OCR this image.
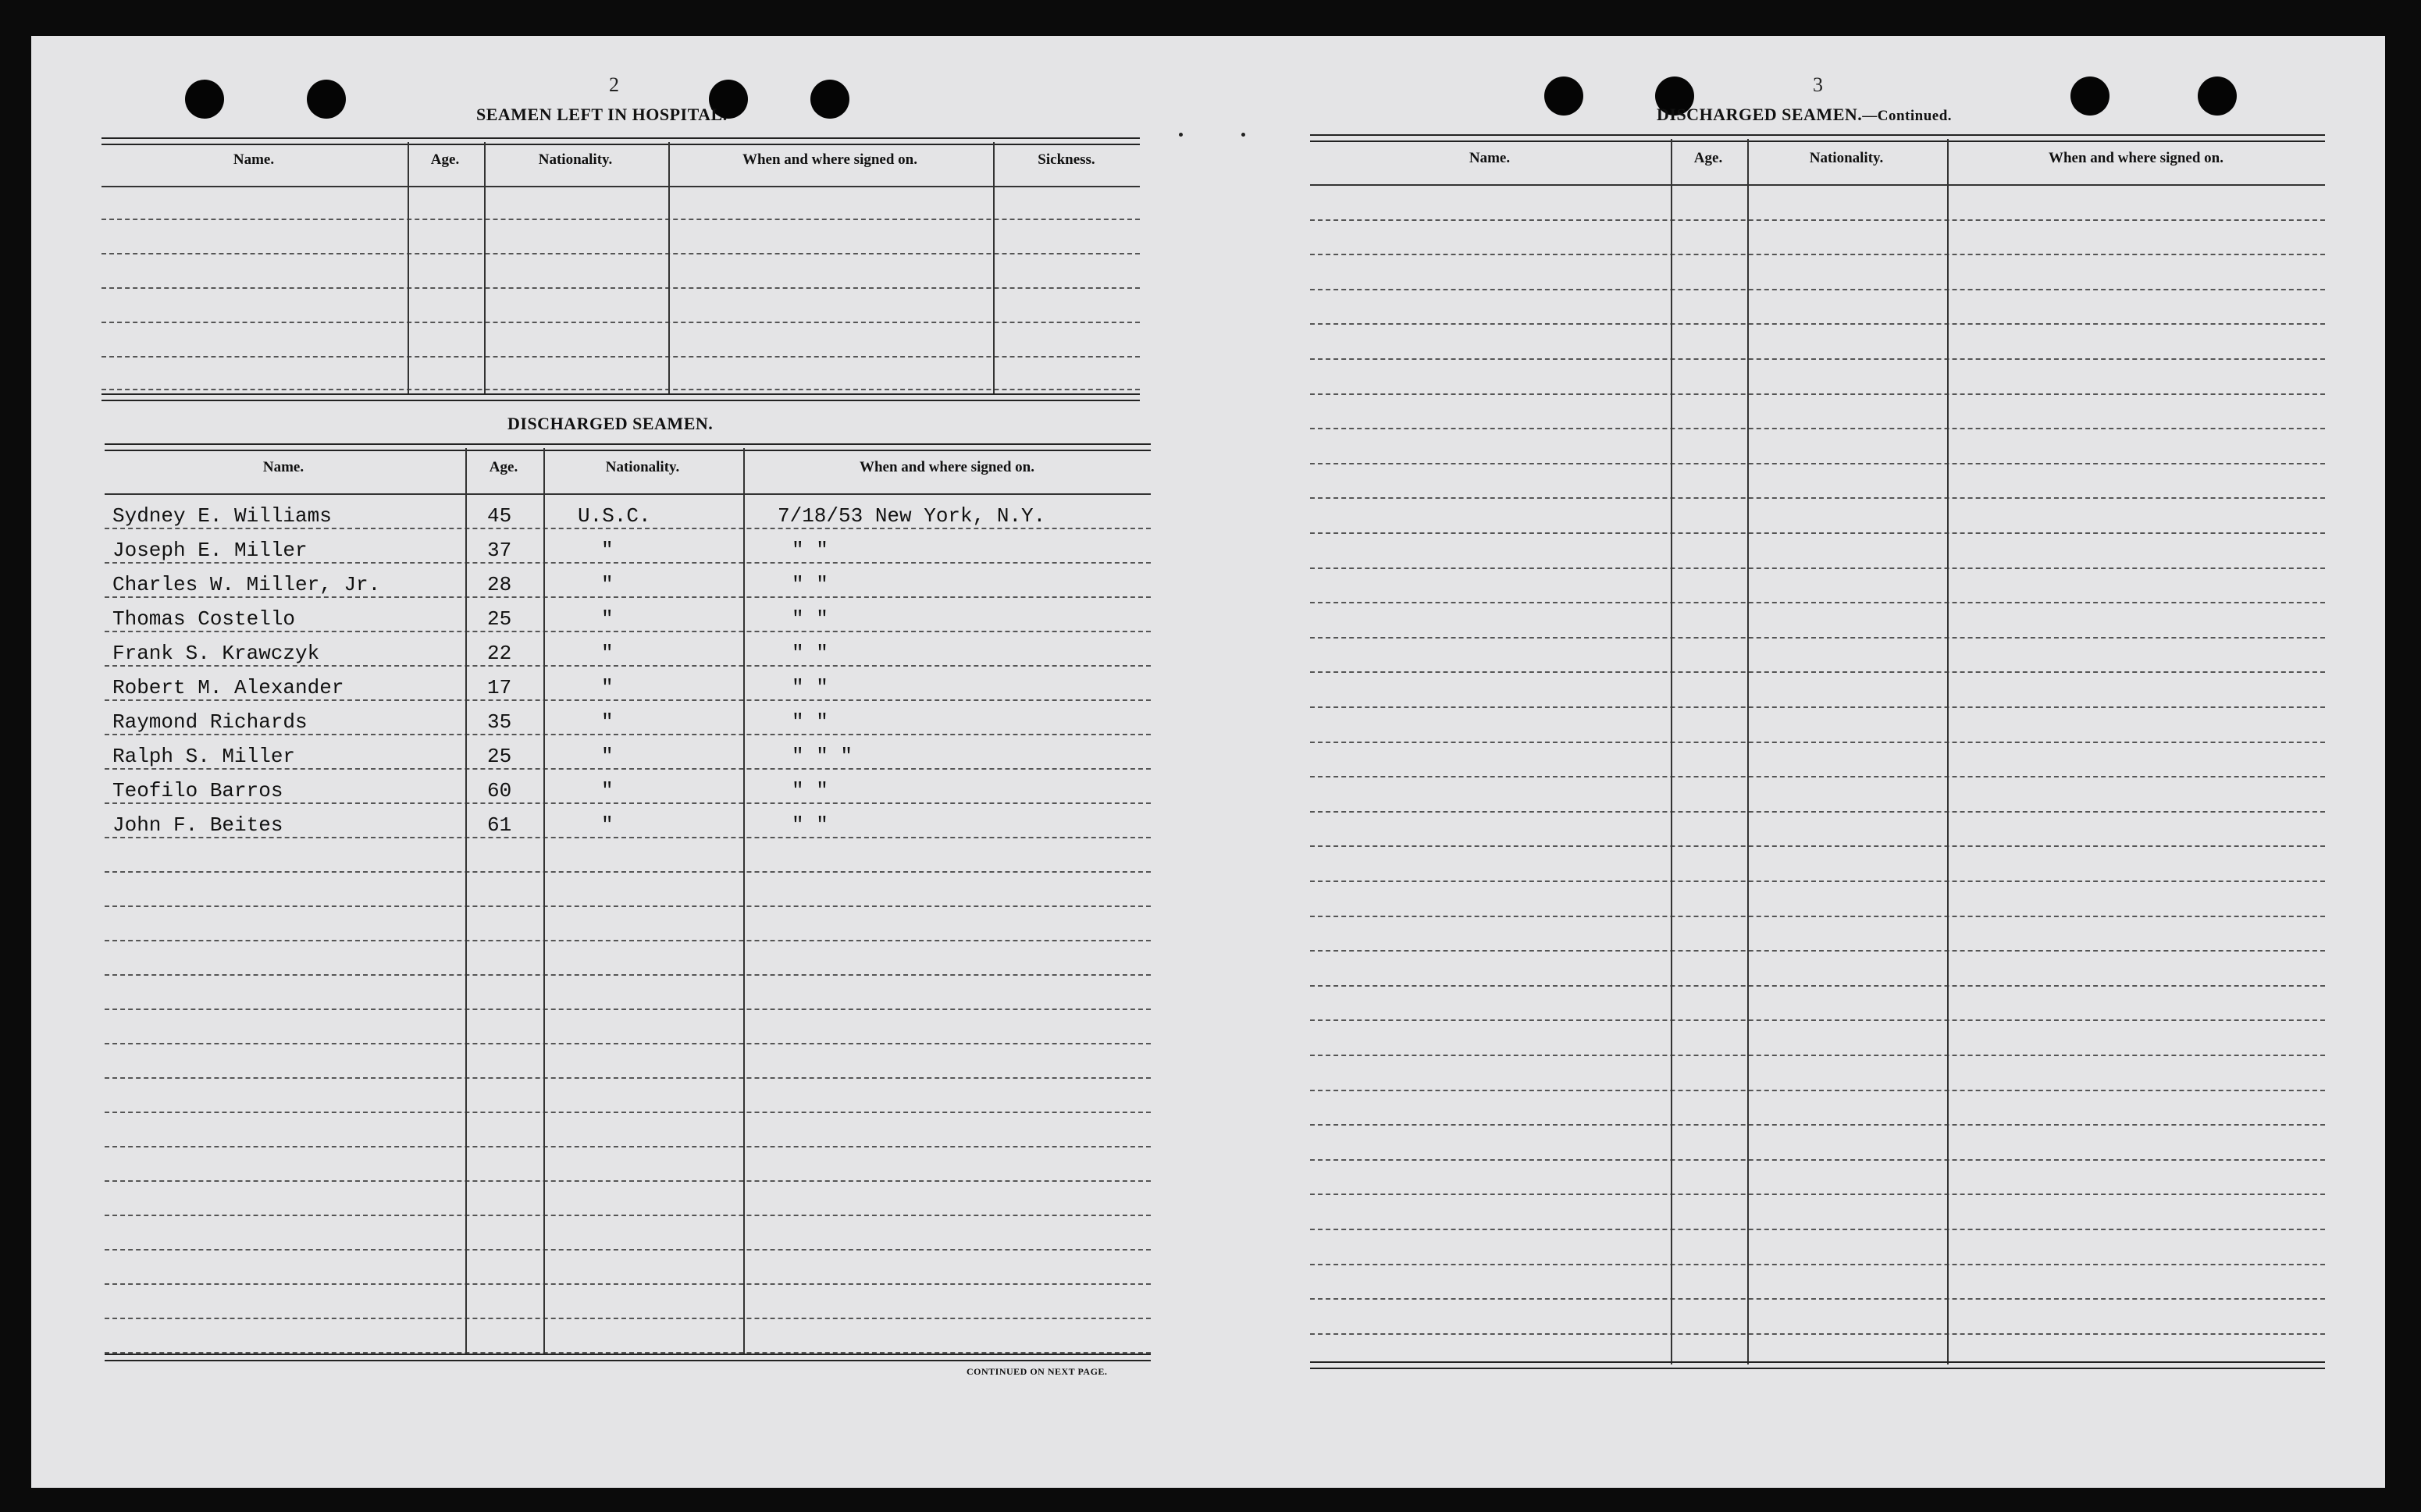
2
SEAMEN LEFT IN HOSPITAL.
Name.	Age.	Nationality.	When and where signed on.	Sickness.
DISCHARGED SEAMEN.
Name.	Age.	Nationality.	When and where signed on.
Sydney E. Williams	45	U.S.C.	7/18/53 New York, N.Y.
Joseph E. Miller	37	"	" "
Charles W. Miller, Jr.	28	"	" "
Thomas Costello	25	"	" "
Frank S. Krawczyk	22	"	" "
Robert M. Alexander	17	"	" "
Raymond Richards	35	"	" "
Ralph S. Miller	25	"	" " "
Teofilo Barros	60	"	" "
John F. Beites	61	"	" "
CONTINUED ON NEXT PAGE.
3
DISCHARGED SEAMEN.—Continued.
Name.	Age.	Nationality.	When and where signed on.
